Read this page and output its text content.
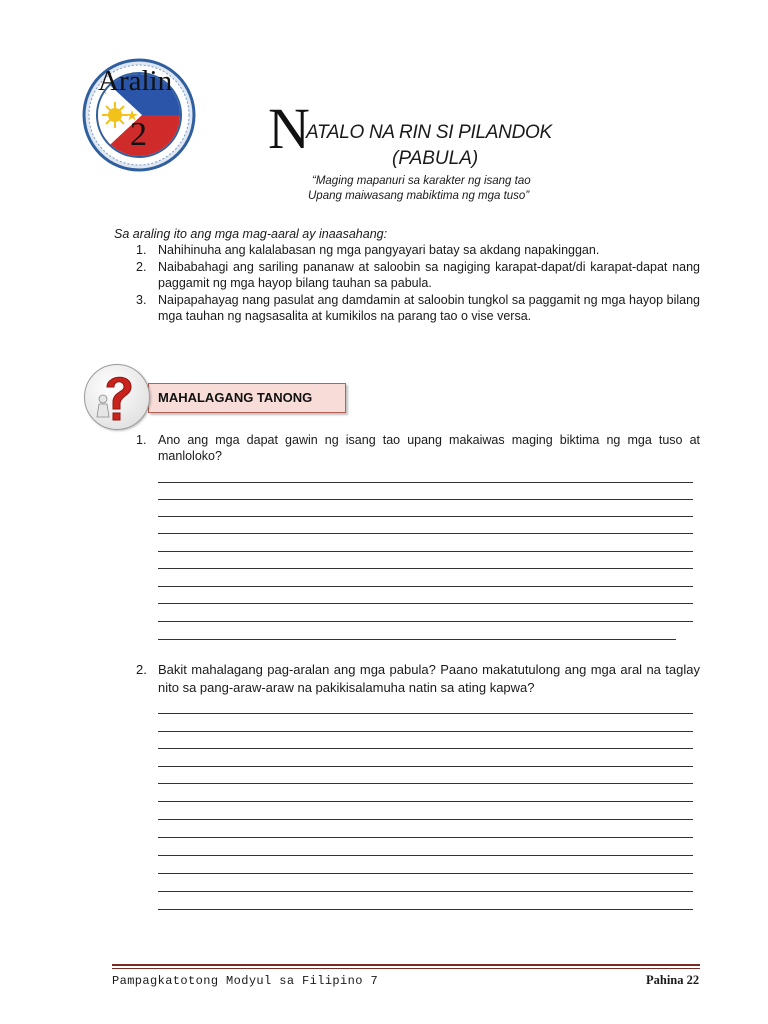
Aralin
2 N
ATALO NA RIN SI PILANDOK
(PABULA)
“Maging mapanuri sa karakter ng isang tao
Upang maiwasang mabiktima ng mga tuso”
Sa araling ito ang mga mag-aaral ay inaasahang:
1. Nahihinuha ang kalalabasan ng mga pangyayari batay sa akdang napakinggan.
2. Naibabahagi ang sariling pananaw at saloobin sa nagiging karapat-dapat/di karapat-dapat nang paggamit ng mga hayop bilang tauhan sa pabula.
3. Naipapahayag nang pasulat ang damdamin at saloobin tungkol sa paggamit ng mga hayop bilang mga tauhan ng nagsasalita at kumikilos na parang tao o vise versa.
MAHALAGANG TANONG
1. Ano ang mga dapat gawin ng isang tao upang makaiwas maging biktima ng mga tuso at manloloko?
2. Bakit mahalagang pag-aralan ang mga pabula? Paano makatutulong ang mga aral na taglay nito sa pang-araw-araw na pakikisalamuha natin sa ating kapwa?
Pampagkatotong Modyul sa Filipino 7	Pahina 22
